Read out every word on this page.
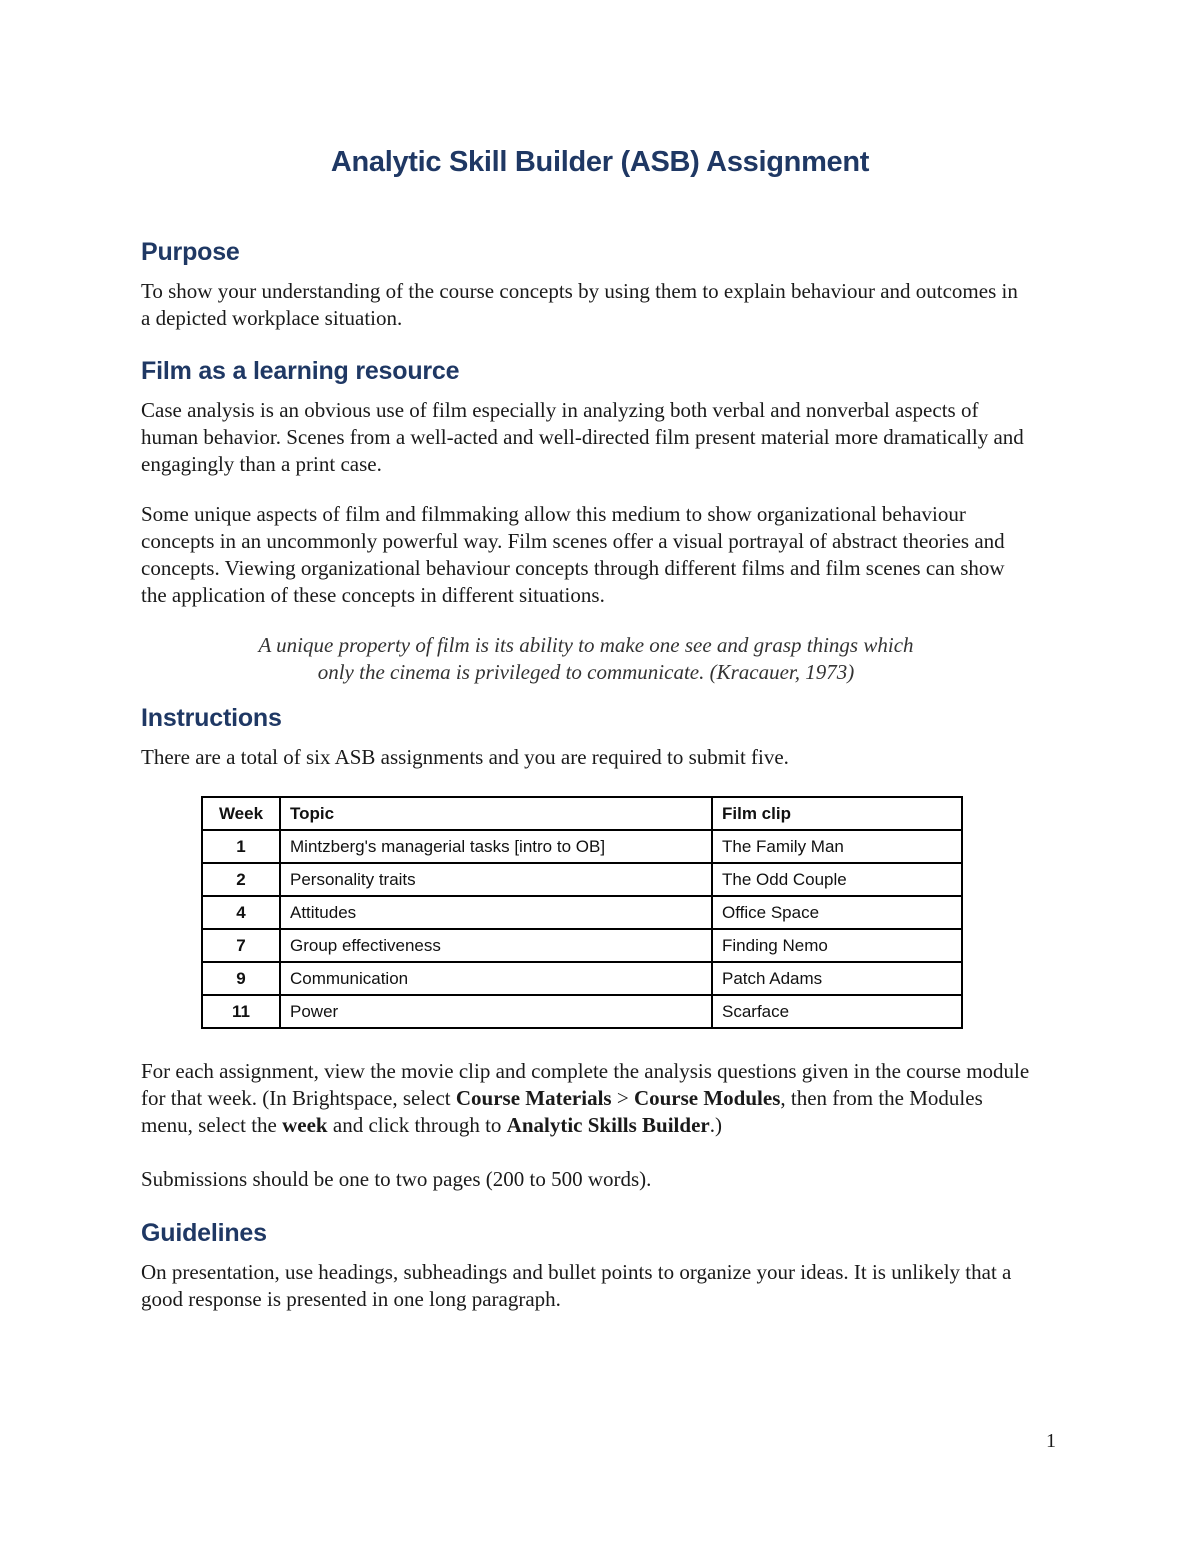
Analytic Skill Builder (ASB) Assignment
Purpose

To show your understanding of the course concepts by using them to explain behaviour and outcomes in a depicted workplace situation.

Film as a learning resource

Case analysis is an obvious use of film especially in analyzing both verbal and nonverbal aspects of human behavior. Scenes from a well-acted and well-directed film present material more dramatically and engagingly than a print case.

Some unique aspects of film and filmmaking allow this medium to show organizational behaviour concepts in an uncommonly powerful way. Film scenes offer a visual portrayal of abstract theories and concepts. Viewing organizational behaviour concepts through different films and film scenes can show the application of these concepts in different situations.

A unique property of film is its ability to make one see and grasp things which
only the cinema is privileged to communicate. (Kracauer, 1973)

Instructions

There are a total of six ASB assignments and you are required to submit five.

Week	Topic	Film clip
1	Mintzberg's managerial tasks [intro to OB]	The Family Man
2	Personality traits	The Odd Couple
4	Attitudes	Office Space
7	Group effectiveness	Finding Nemo
9	Communication	Patch Adams
11	Power	Scarface

For each assignment, view the movie clip and complete the analysis questions given in the course module for that week. (In Brightspace, select Course Materials > Course Modules, then from the Modules menu, select the week and click through to Analytic Skills Builder.)

Submissions should be one to two pages (200 to 500 words).

Guidelines

On presentation, use headings, subheadings and bullet points to organize your ideas. It is unlikely that a good response is presented in one long paragraph.

1
